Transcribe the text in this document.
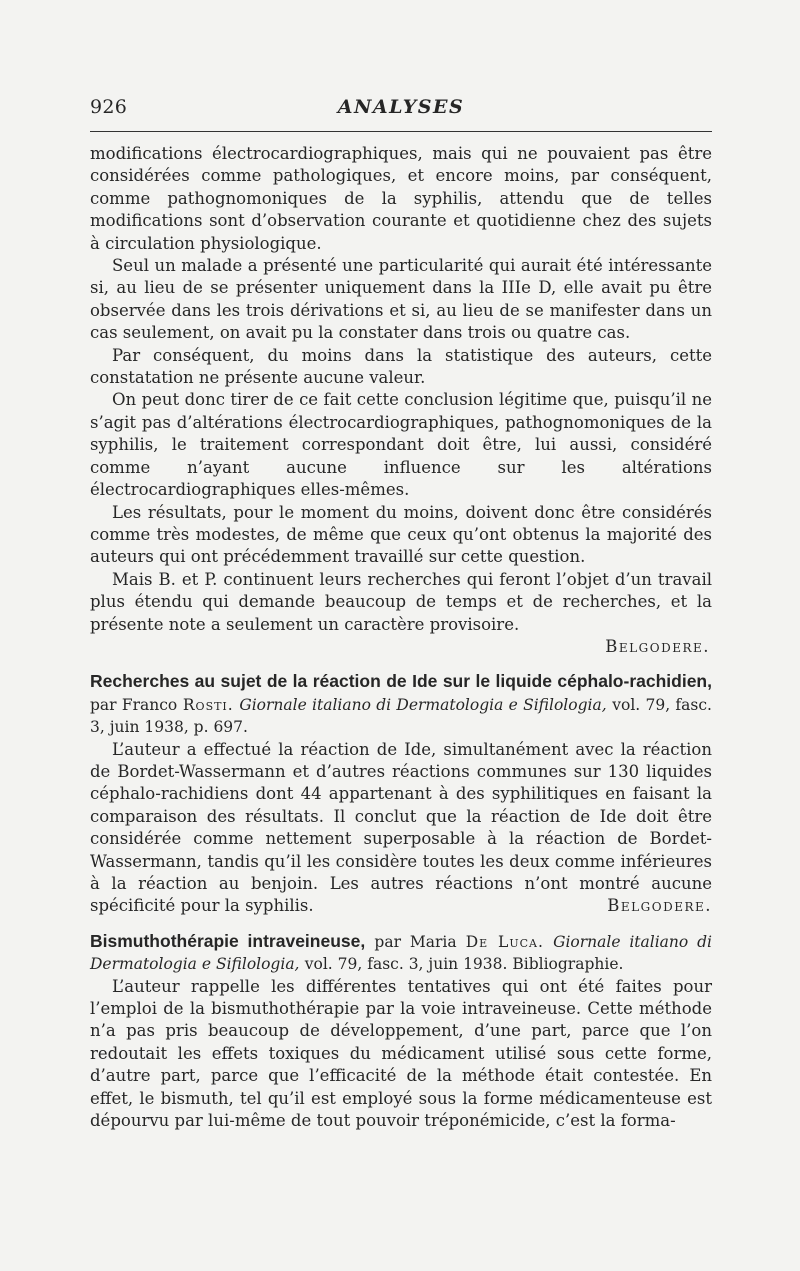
926	ANALYSES

modifications électrocardiographiques, mais qui ne pouvaient pas être considérées comme pathologiques, et encore moins, par conséquent, comme pathognomoniques de la syphilis, attendu que de telles modifications sont d’observation courante et quotidienne chez des sujets à circulation physiologique.

Seul un malade a présenté une particularité qui aurait été intéressante si, au lieu de se présenter uniquement dans la IIIe D, elle avait pu être observée dans les trois dérivations et si, au lieu de se manifester dans un cas seulement, on avait pu la constater dans trois ou quatre cas.

Par conséquent, du moins dans la statistique des auteurs, cette constatation ne présente aucune valeur.

On peut donc tirer de ce fait cette conclusion légitime que, puisqu’il ne s’agit pas d’altérations électrocardiographiques, pathognomoniques de la syphilis, le traitement correspondant doit être, lui aussi, considéré comme n’ayant aucune influence sur les altérations électrocardiographiques elles-mêmes.

Les résultats, pour le moment du moins, doivent donc être considérés comme très modestes, de même que ceux qu’ont obtenus la majorité des auteurs qui ont précédemment travaillé sur cette question.

Mais B. et P. continuent leurs recherches qui feront l’objet d’un travail plus étendu qui demande beaucoup de temps et de recherches, et la présente note a seulement un caractère provisoire.

Belgodere.

Recherches au sujet de la réaction de Ide sur le liquide céphalo-rachidien, par Franco Rosti. Giornale italiano di Dermatologia e Sifilologia, vol. 79, fasc. 3, juin 1938, p. 697.

L’auteur a effectué la réaction de Ide, simultanément avec la réaction de Bordet-Wassermann et d’autres réactions communes sur 130 liquides céphalo-rachidiens dont 44 appartenant à des syphilitiques en faisant la comparaison des résultats. Il conclut que la réaction de Ide doit être considérée comme nettement superposable à la réaction de Bordet-Wassermann, tandis qu’il les considère toutes les deux comme inférieures à la réaction au benjoin. Les autres réactions n’ont montré aucune spécificité pour la syphilis.	Belgodere.

Bismuthothérapie intraveineuse, par Maria De Luca. Giornale italiano di Dermatologia e Sifilologia, vol. 79, fasc. 3, juin 1938. Bibliographie.

L’auteur rappelle les différentes tentatives qui ont été faites pour l’emploi de la bismuthothérapie par la voie intraveineuse. Cette méthode n’a pas pris beaucoup de développement, d’une part, parce que l’on redoutait les effets toxiques du médicament utilisé sous cette forme, d’autre part, parce que l’efficacité de la méthode était contestée. En effet, le bismuth, tel qu’il est employé sous la forme médicamenteuse est dépourvu par lui-même de tout pouvoir tréponémicide, c’est la forma-
